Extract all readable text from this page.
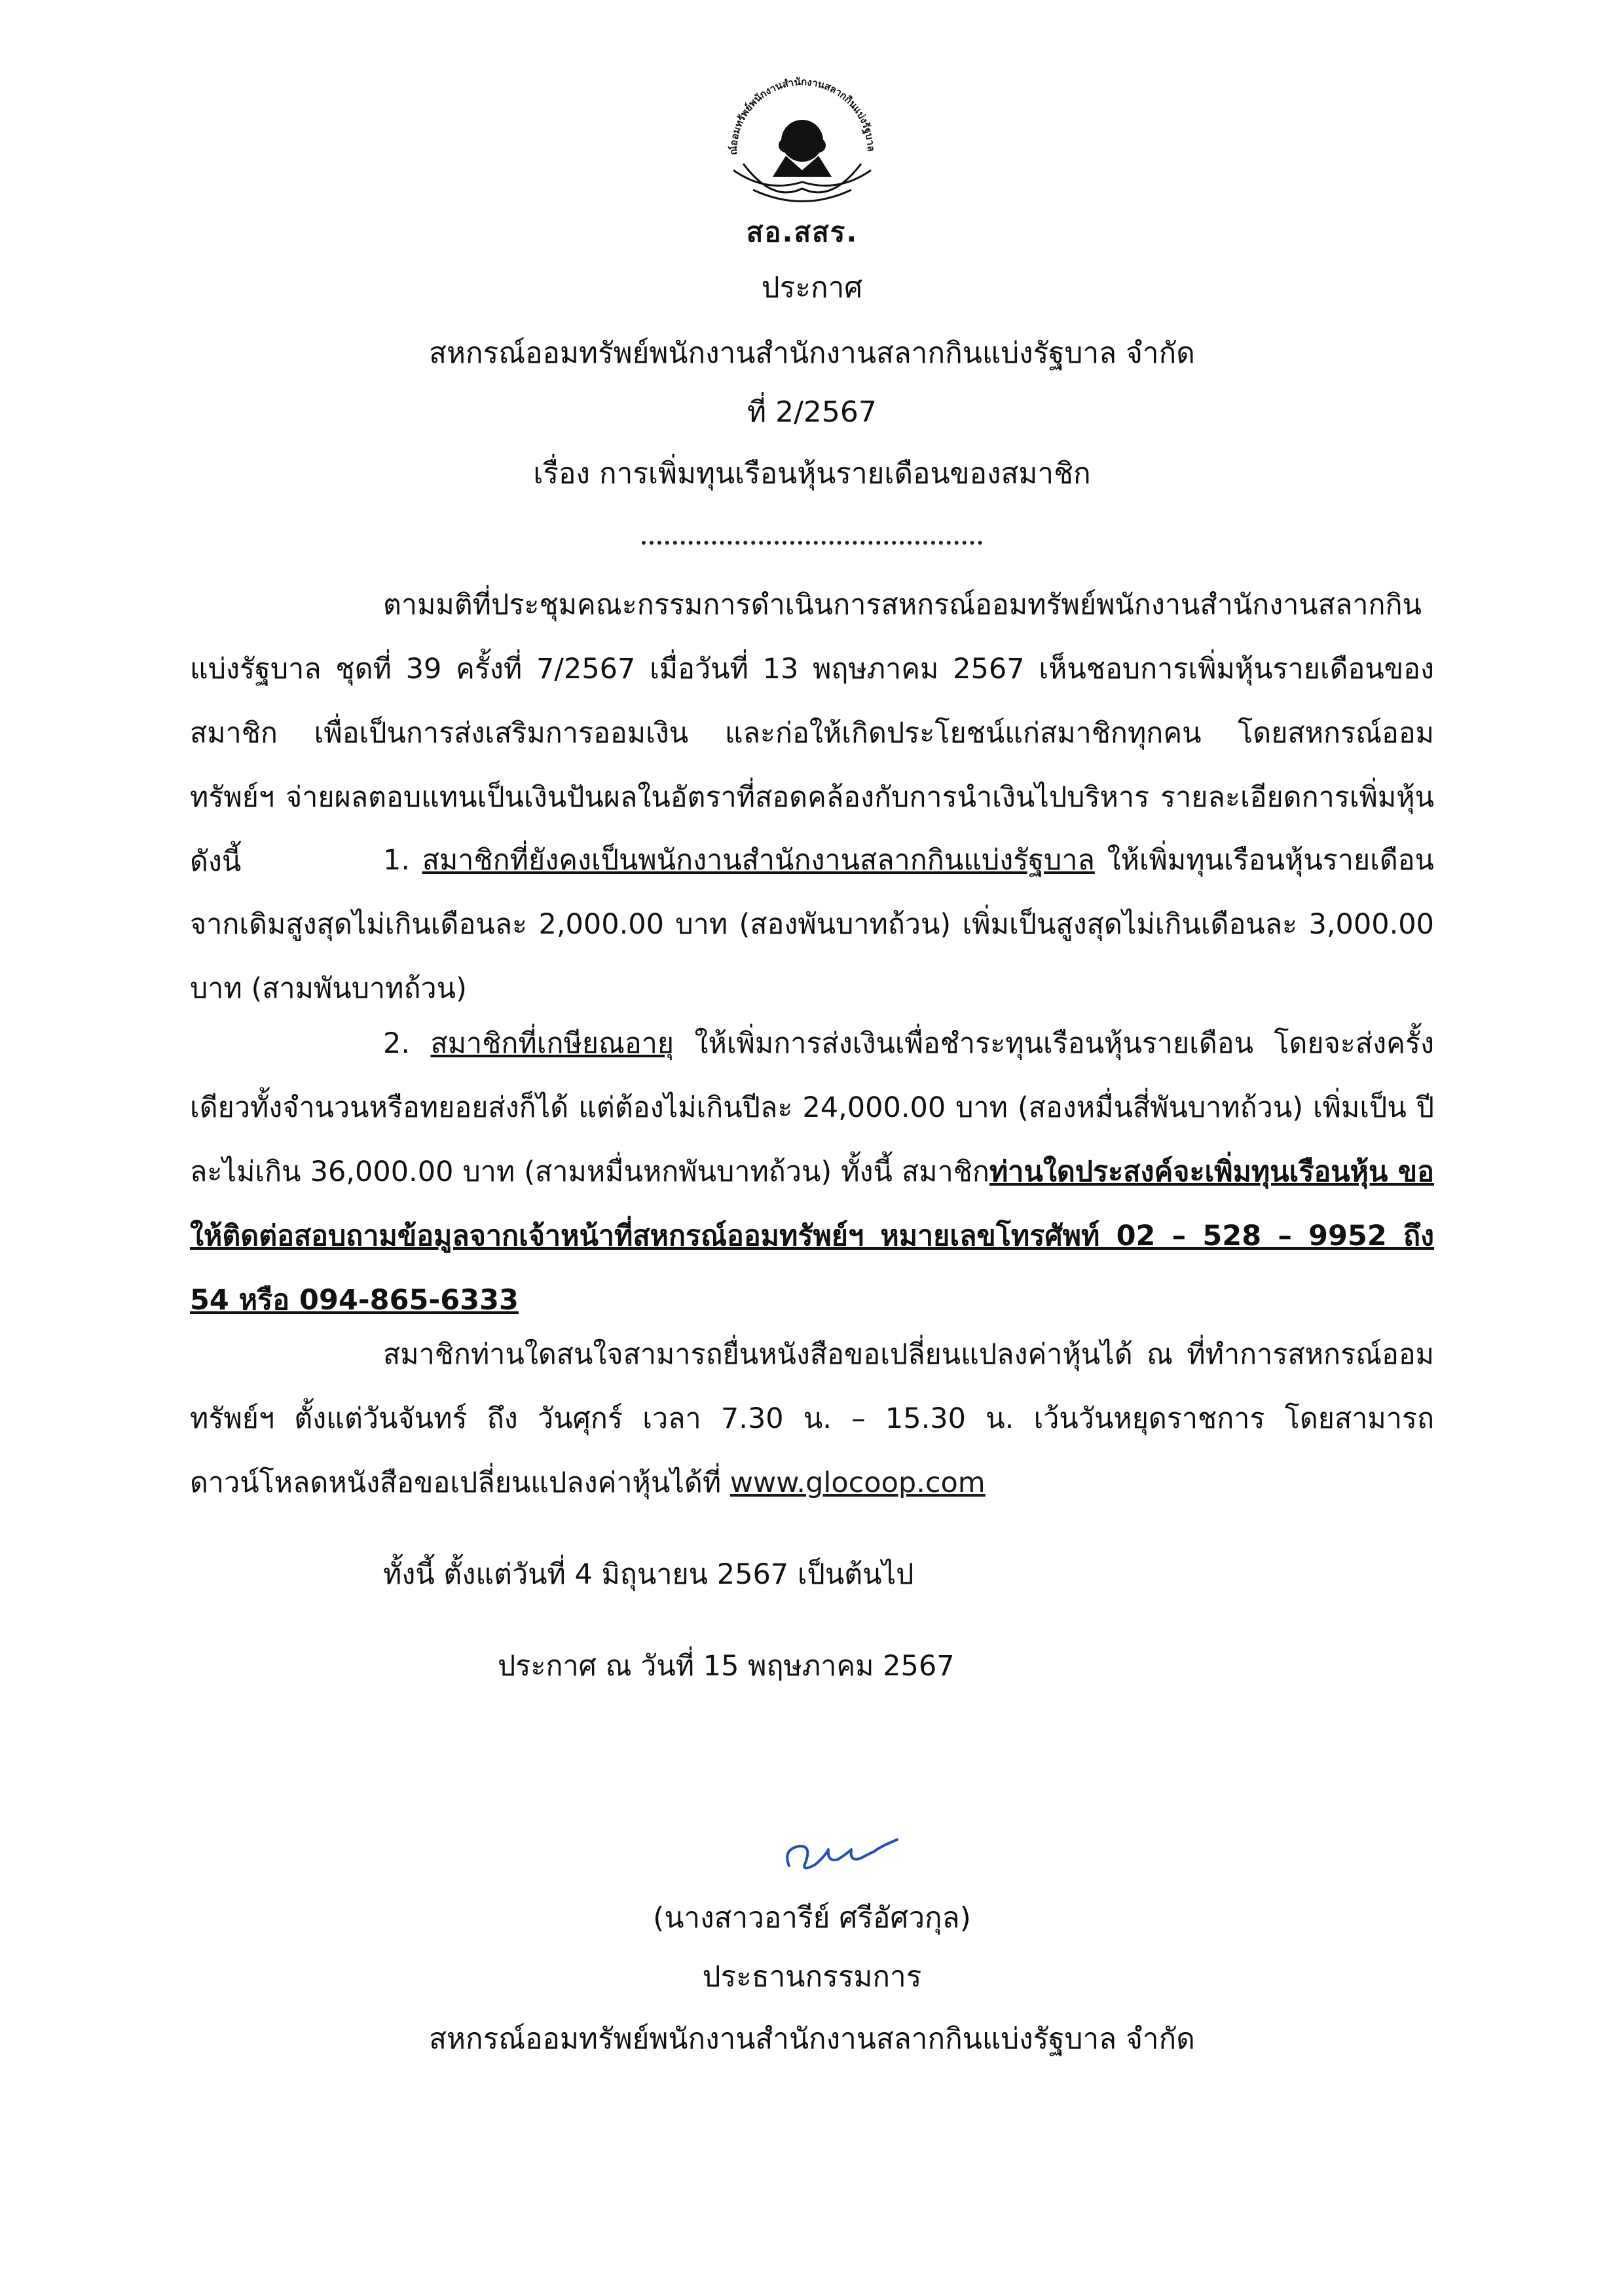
ณ์ออมทรัพย์พนักงานสำนักงานสลากกินแบ่งรัฐบาล
สอ.สสร.
ประกาศ
สหกรณ์ออมทรัพย์พนักงานสำนักงานสลากกินแบ่งรัฐบาล จำกัด
ที่ 2/2567
เรื่อง การเพิ่มทุนเรือนหุ้นรายเดือนของสมาชิก

ตามมติที่ประชุมคณะกรรมการดำเนินการสหกรณ์ออมทรัพย์พนักงานสำนักงานสลากกินแบ่งรัฐบาล ชุดที่ 39 ครั้งที่ 7/2567 เมื่อวันที่ 13 พฤษภาคม 2567 เห็นชอบการเพิ่มหุ้นรายเดือนของสมาชิก เพื่อเป็นการส่งเสริมการออมเงิน และก่อให้เกิดประโยชน์แก่สมาชิกทุกคน โดยสหกรณ์ออมทรัพย์ฯ จ่ายผลตอบแทนเป็นเงินปันผลในอัตราที่สอดคล้องกับการนำเงินไปบริหาร รายละเอียดการเพิ่มหุ้น ดังนี้	1. สมาชิกที่ยังคงเป็นพนักงานสำนักงานสลากกินแบ่งรัฐบาล ให้เพิ่มทุนเรือนหุ้นรายเดือน จากเดิมสูงสุดไม่เกินเดือนละ 2,000.00 บาท (สองพันบาทถ้วน) เพิ่มเป็นสูงสุดไม่เกินเดือนละ 3,000.00 บาท (สามพันบาทถ้วน)

2. สมาชิกที่เกษียณอายุ ให้เพิ่มการส่งเงินเพื่อชำระทุนเรือนหุ้นรายเดือน โดยจะส่งครั้งเดียวทั้งจำนวนหรือทยอยส่งก็ได้ แต่ต้องไม่เกินปีละ 24,000.00 บาท (สองหมื่นสี่พันบาทถ้วน) เพิ่มเป็น ปีละไม่เกิน 36,000.00 บาท (สามหมื่นหกพันบาทถ้วน) ทั้งนี้ สมาชิกท่านใดประสงค์จะเพิ่มทุนเรือนหุ้น ขอให้ติดต่อสอบถามข้อมูลจากเจ้าหน้าที่สหกรณ์ออมทรัพย์ฯ หมายเลขโทรศัพท์ 02 – 528 – 9952 ถึง 54 หรือ 094-865-6333

สมาชิกท่านใดสนใจสามารถยื่นหนังสือขอเปลี่ยนแปลงค่าหุ้นได้ ณ ที่ทำการสหกรณ์ออมทรัพย์ฯ ตั้งแต่วันจันทร์ ถึง วันศุกร์ เวลา 7.30 น. – 15.30 น. เว้นวันหยุดราชการ โดยสามารถดาวน์โหลดหนังสือขอเปลี่ยนแปลงค่าหุ้นได้ที่ www.glocoop.com

ทั้งนี้ ตั้งแต่วันที่ 4 มิถุนายน 2567 เป็นต้นไป
ประกาศ ณ วันที่ 15 พฤษภาคม 2567
(นางสาวอารีย์ ศรีอัศวกุล)
ประธานกรรมการ
สหกรณ์ออมทรัพย์พนักงานสำนักงานสลากกินแบ่งรัฐบาล จำกัด
